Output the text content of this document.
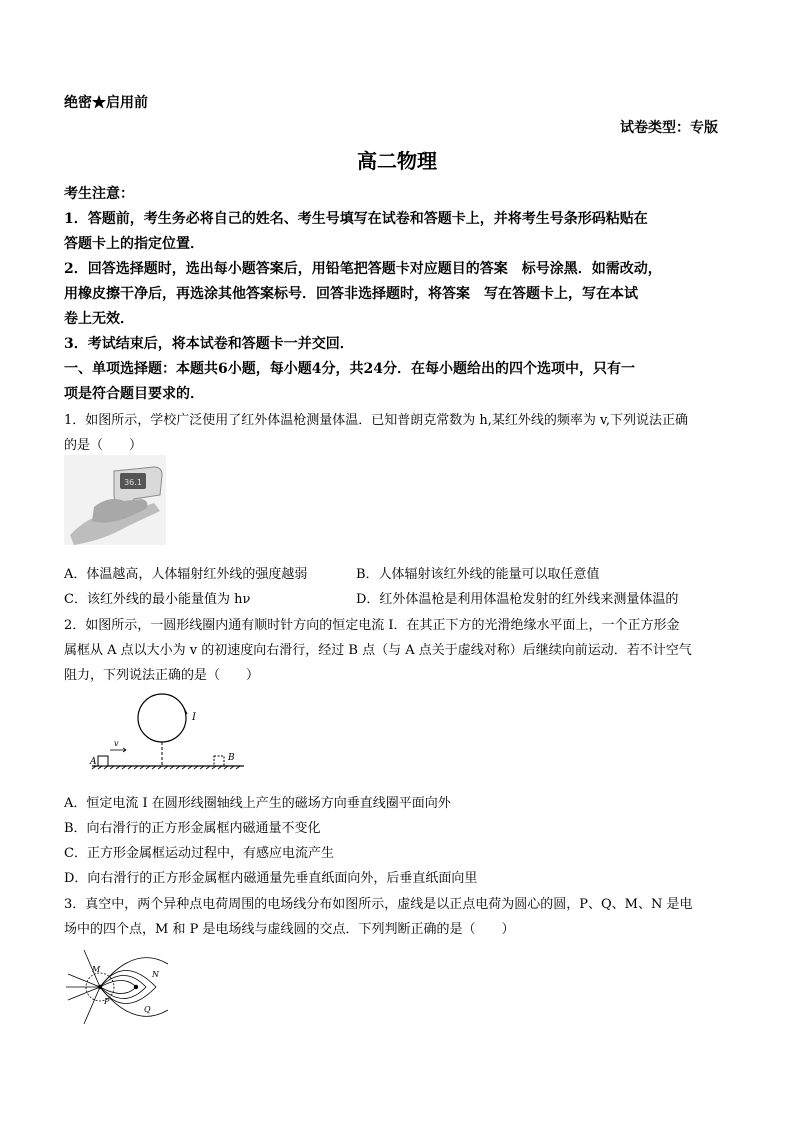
绝密★启用前
试卷类型：专版
高二物理
考生注意：
1．答题前，考生务必将自己的姓名、考生号填写在试卷和答题卡上，并将考生号条形码粘贴在
答题卡上的指定位置．
2．回答选择题时，选出每小题答案后，用铅笔把答题卡对应题目的答案　标号涂黑．如需改动，
用橡皮擦干净后，再选涂其他答案标号．回答非选择题时，将答案　写在答题卡上，写在本试
卷上无效．
3．考试结束后，将本试卷和答题卡一并交回．
一、单项选择题：本题共6小题，每小题4分，共24分．在每小题给出的四个选项中，只有一
项是符合题目要求的．
1．如图所示，学校广泛使用了红外体温枪测量体温．已知普朗克常数为 h,某红外线的频率为 v,下列说法正确
的是（　　）
36.1
A．体温越高，人体辐射红外线的强度越弱	B．人体辐射该红外线的能量可以取任意值
C．该红外线的最小能量值为 hν	D．红外体温枪是利用体温枪发射的红外线来测量体温的
2．如图所示，一圆形线圈内通有顺时针方向的恒定电流 I．在其正下方的光滑绝缘水平面上，一个正方形金
属框从 A 点以大小为 v 的初速度向右滑行，经过 B 点（与 A 点关于虚线对称）后继续向前运动．若不计空气
阻力，下列说法正确的是（　　）
I
v
A	B
A．恒定电流 I 在圆形线圈轴线上产生的磁场方向垂直线圈平面向外
B．向右滑行的正方形金属框内磁通量不变化
C．正方形金属框运动过程中，有感应电流产生
D．向右滑行的正方形金属框内磁通量先垂直纸面向外，后垂直纸面向里
3．真空中，两个异种点电荷周围的电场线分布如图所示，虚线是以正点电荷为圆心的圆，P、Q、M、N 是电
场中的四个点，M 和 P 是电场线与虚线圆的交点．下列判断正确的是（　　）
M
N
P
Q
